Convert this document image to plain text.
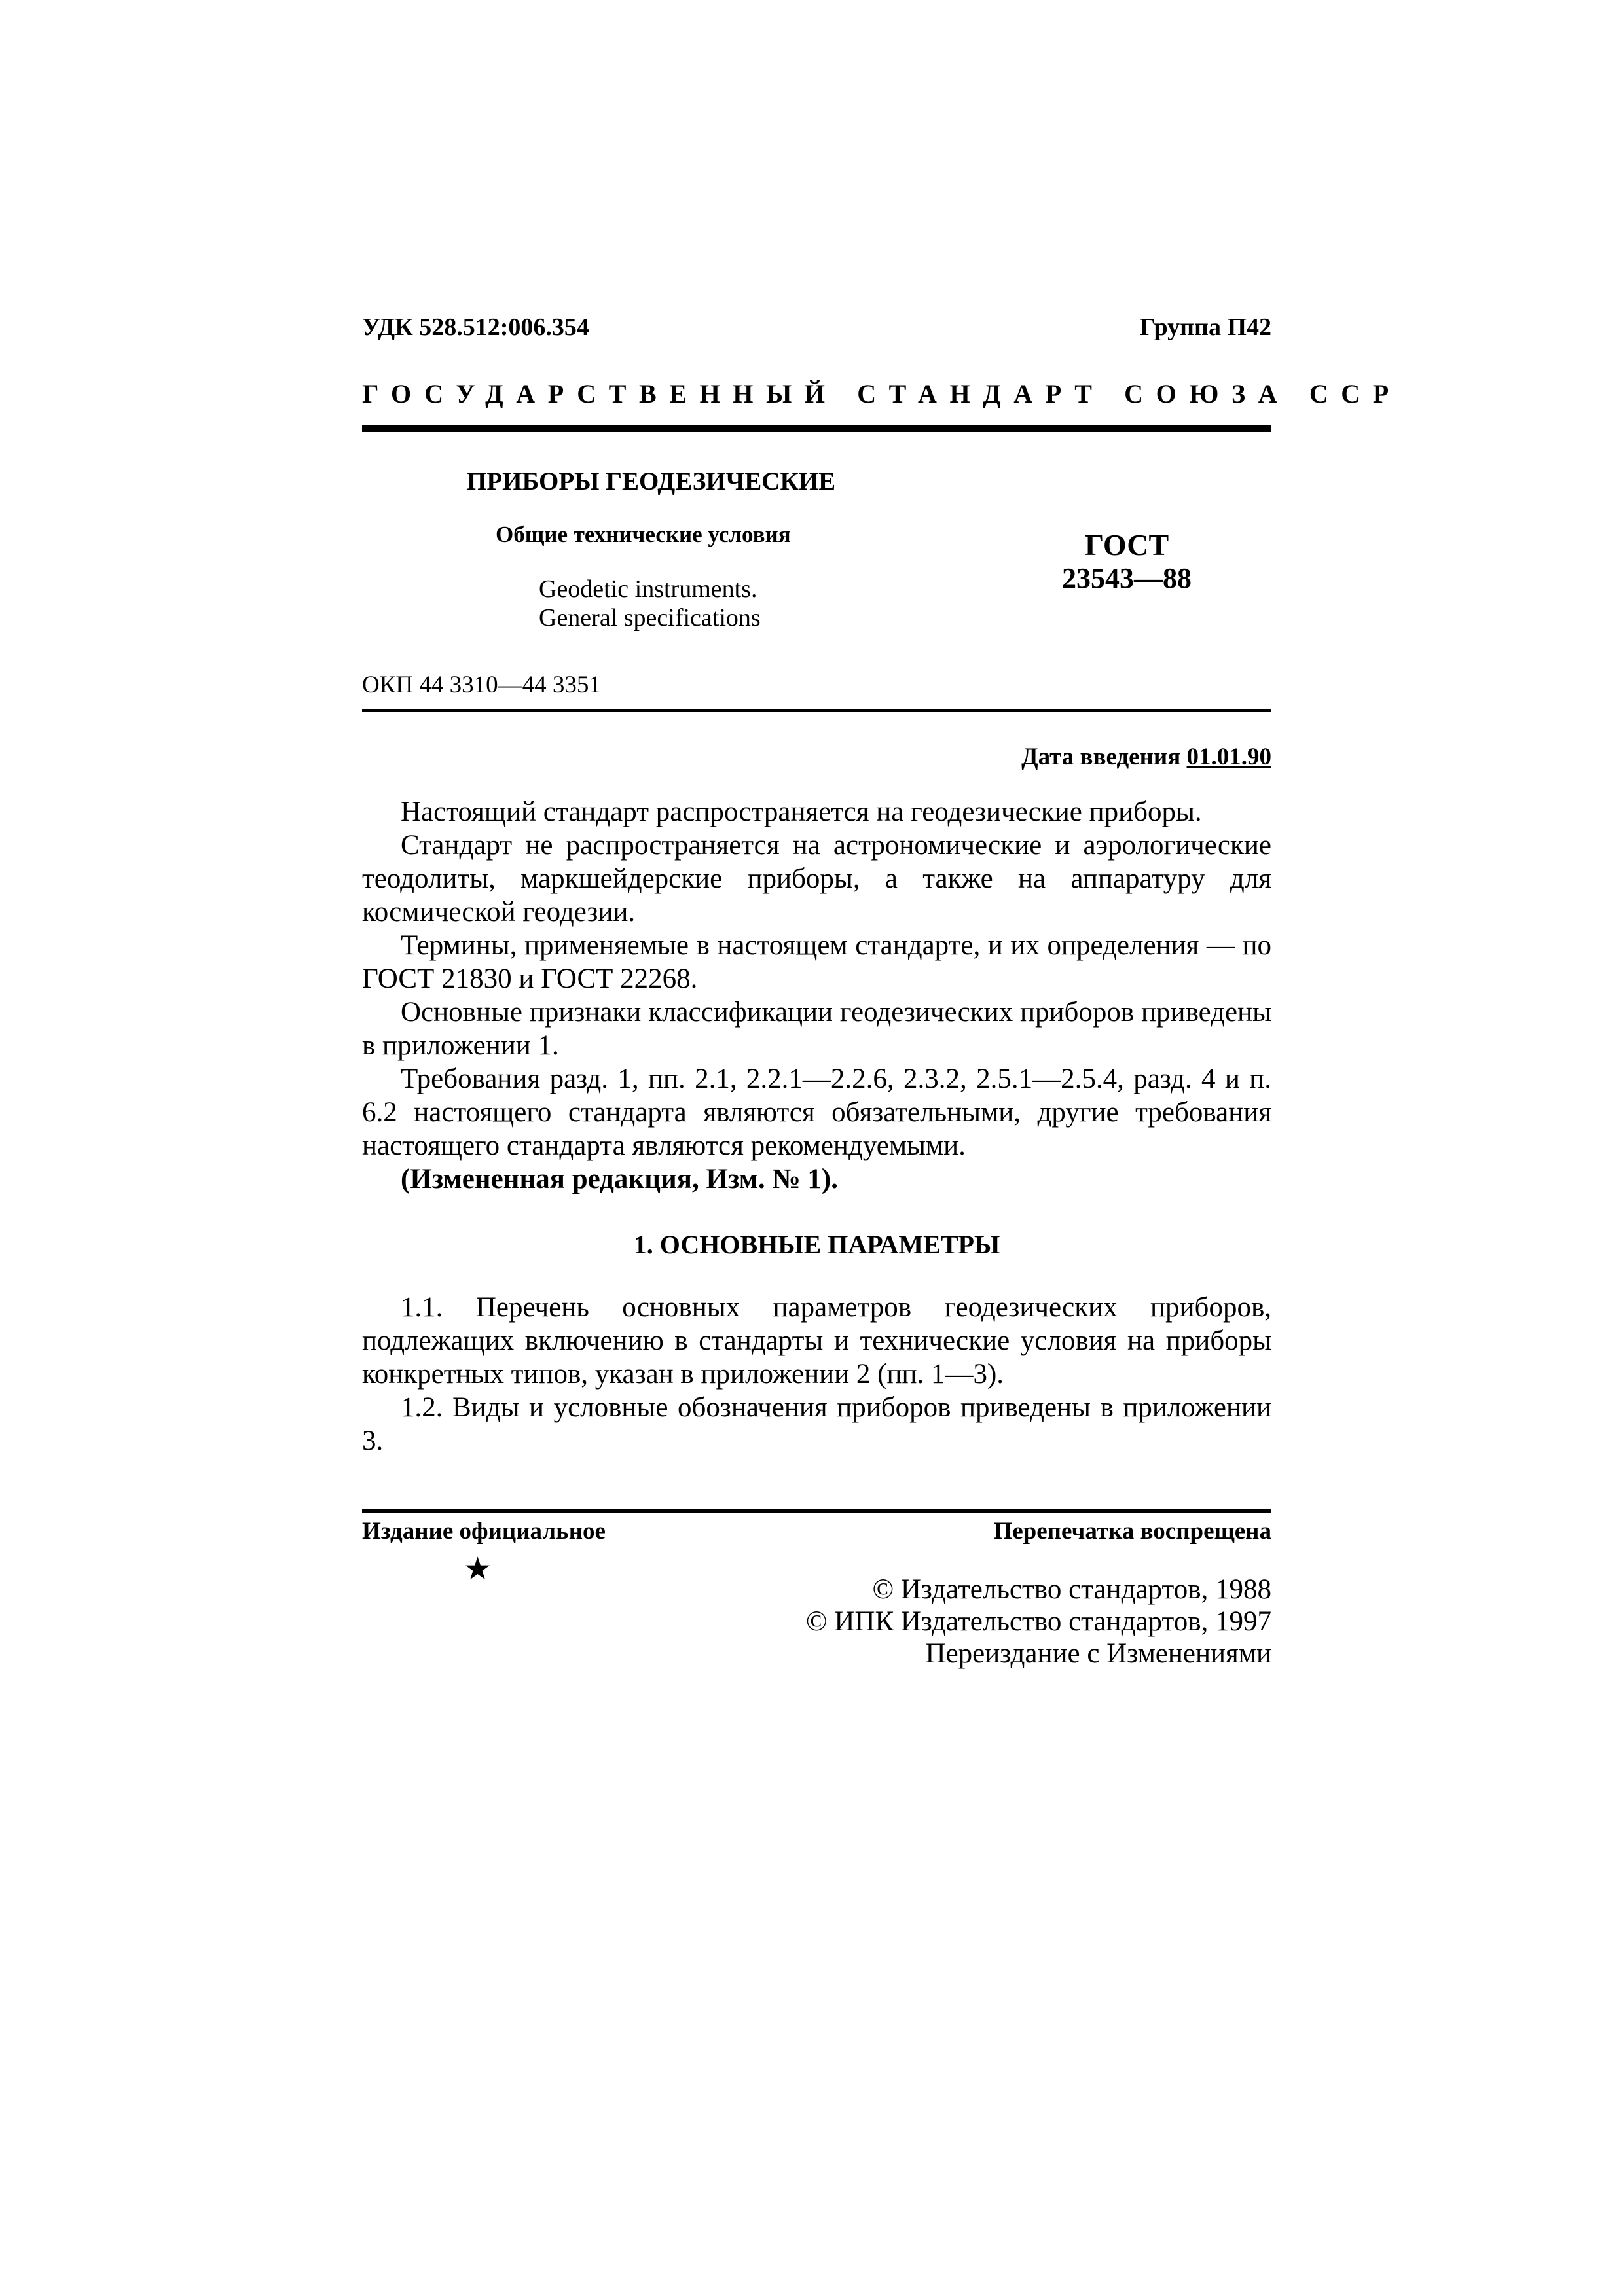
УДК 528.512:006.354	Группа П42
ГОСУДАРСТВЕННЫЙ СТАНДАРТ СОЮЗА ССР
ПРИБОРЫ ГЕОДЕЗИЧЕСКИЕ
Общие технические условия
Geodetic instruments.
General specifications
ГОСТ
23543—88
ОКП 44 3310—44 3351
Дата введения 01.01.90

Настоящий стандарт распространяется на геодезические приборы.

Стандарт не распространяется на астрономические и аэрологические теодолиты, маркшейдерские приборы, а также на аппаратуру для космической геодезии.

Термины, применяемые в настоящем стандарте, и их определения — по ГОСТ 21830 и ГОСТ 22268.

Основные признаки классификации геодезических приборов приведены в приложении 1.

Требования разд. 1, пп. 2.1, 2.2.1—2.2.6, 2.3.2, 2.5.1—2.5.4, разд. 4 и п. 6.2 настоящего стандарта являются обязательными, другие требования настоящего стандарта являются рекомендуемыми.

(Измененная редакция, Изм. № 1).

1. ОСНОВНЫЕ ПАРАМЕТРЫ

1.1. Перечень основных параметров геодезических приборов, подлежащих включению в стандарты и технические условия на приборы конкретных типов, указан в приложении 2 (пп. 1—3).

1.2. Виды и условные обозначения приборов приведены в приложении 3.

Издание официальное	Перепечатка воспрещена
★
© Издательство стандартов, 1988
© ИПК Издательство стандартов, 1997
Переиздание с Изменениями
